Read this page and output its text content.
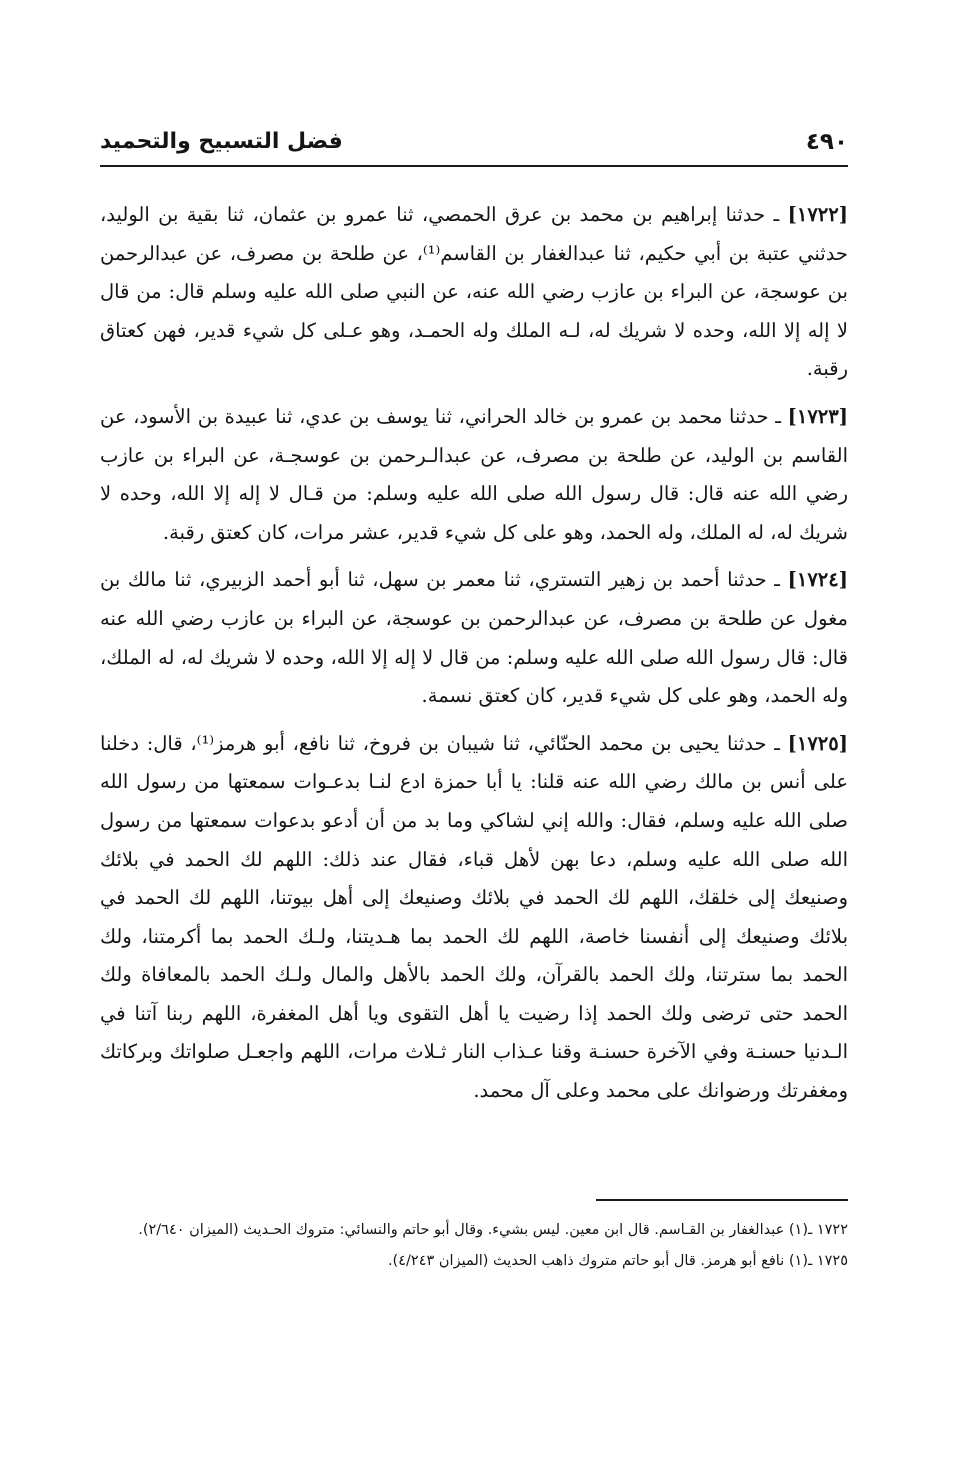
٤٩٠
فضل التسبيح والتحميد

[١٧٢٢] ـ حدثنا إبراهيم بن محمد بن عرق الحمصي، ثنا عمرو بن عثمان، ثنا بقية بن الوليد، حدثني عتبة بن أبي حكيم، ثنا عبدالغفار بن القاسم⁽¹⁾، عن طلحة بن مصرف، عن عبدالرحمن بن عوسجة، عن البراء بن عازب رضي الله عنه، عن النبي صلى الله عليه وسلم قال: من قال لا إله إلا الله، وحده لا شريك له، لـه الملك وله الحمـد، وهو عـلى كل شيء قدير، فهن كعتاق رقبة.

[١٧٢٣] ـ حدثنا محمد بن عمرو بن خالد الحراني، ثنا يوسف بن عدي، ثنا عبيدة بن الأسود، عن القاسم بن الوليد، عن طلحة بن مصرف، عن عبدالـرحمن بن عوسجـة، عن البراء بن عازب رضي الله عنه قال: قال رسول الله صلى الله عليه وسلم: من قـال لا إله إلا الله، وحده لا شريك له، له الملك، وله الحمد، وهو على كل شيء قدير، عشر مرات، كان كعتق رقبة.

[١٧٢٤] ـ حدثنا أحمد بن زهير التستري، ثنا معمر بن سهل، ثنا أبو أحمد الزبيري، ثنا مالك بن مغول عن طلحة بن مصرف، عن عبدالرحمن بن عوسجة، عن البراء بن عازب رضي الله عنه قال: قال رسول الله صلى الله عليه وسلم: من قال لا إله إلا الله، وحده لا شريك له، له الملك، وله الحمد، وهو على كل شيء قدير، كان كعتق نسمة.

[١٧٢٥] ـ حدثنا يحيى بن محمد الحنّائي، ثنا شيبان بن فروخ، ثنا نافع، أبو هرمز⁽¹⁾، قال: دخلنا على أنس بن مالك رضي الله عنه قلنا: يا أبا حمزة ادع لنـا بدعـوات سمعتها من رسول الله صلى الله عليه وسلم، فقال: والله إني لشاكي وما بد من أن أدعو بدعوات سمعتها من رسول الله صلى الله عليه وسلم، دعا بهن لأهل قباء، فقال عند ذلك: اللهم لك الحمد في بلائك وصنيعك إلى خلقك، اللهم لك الحمد في بلائك وصنيعك إلى أهل بيوتنا، اللهم لك الحمد في بلائك وصنيعك إلى أنفسنا خاصة، اللهم لك الحمد بما هـديتنا، ولـك الحمد بما أكرمتنا، ولك الحمد بما سترتنا، ولك الحمد بالقرآن، ولك الحمد بالأهل والمال ولـك الحمد بالمعافاة ولك الحمد حتى ترضى ولك الحمد إذا رضيت يا أهل التقوى ويا أهل المغفرة، اللهم ربنا آتنا في الـدنيا حسنـة وفي الآخرة حسنـة وقنا عـذاب النار ثـلاث مرات، اللهم واجعـل صلواتك وبركاتك ومغفرتك ورضوانك على محمد وعلى آل محمد.

١٧٢٢ ـ(١) عبدالغفار بن القـاسم. قال ابن معين. ليس بشيء. وقال أبو حاتم والنسائي: متروك الحـديث (الميزان ٢/٦٤٠).

١٧٢٥ ـ(١) نافع أبو هرمز. قال أبو حاتم متروك ذاهب الحديث (الميزان ٤/٢٤٣).
